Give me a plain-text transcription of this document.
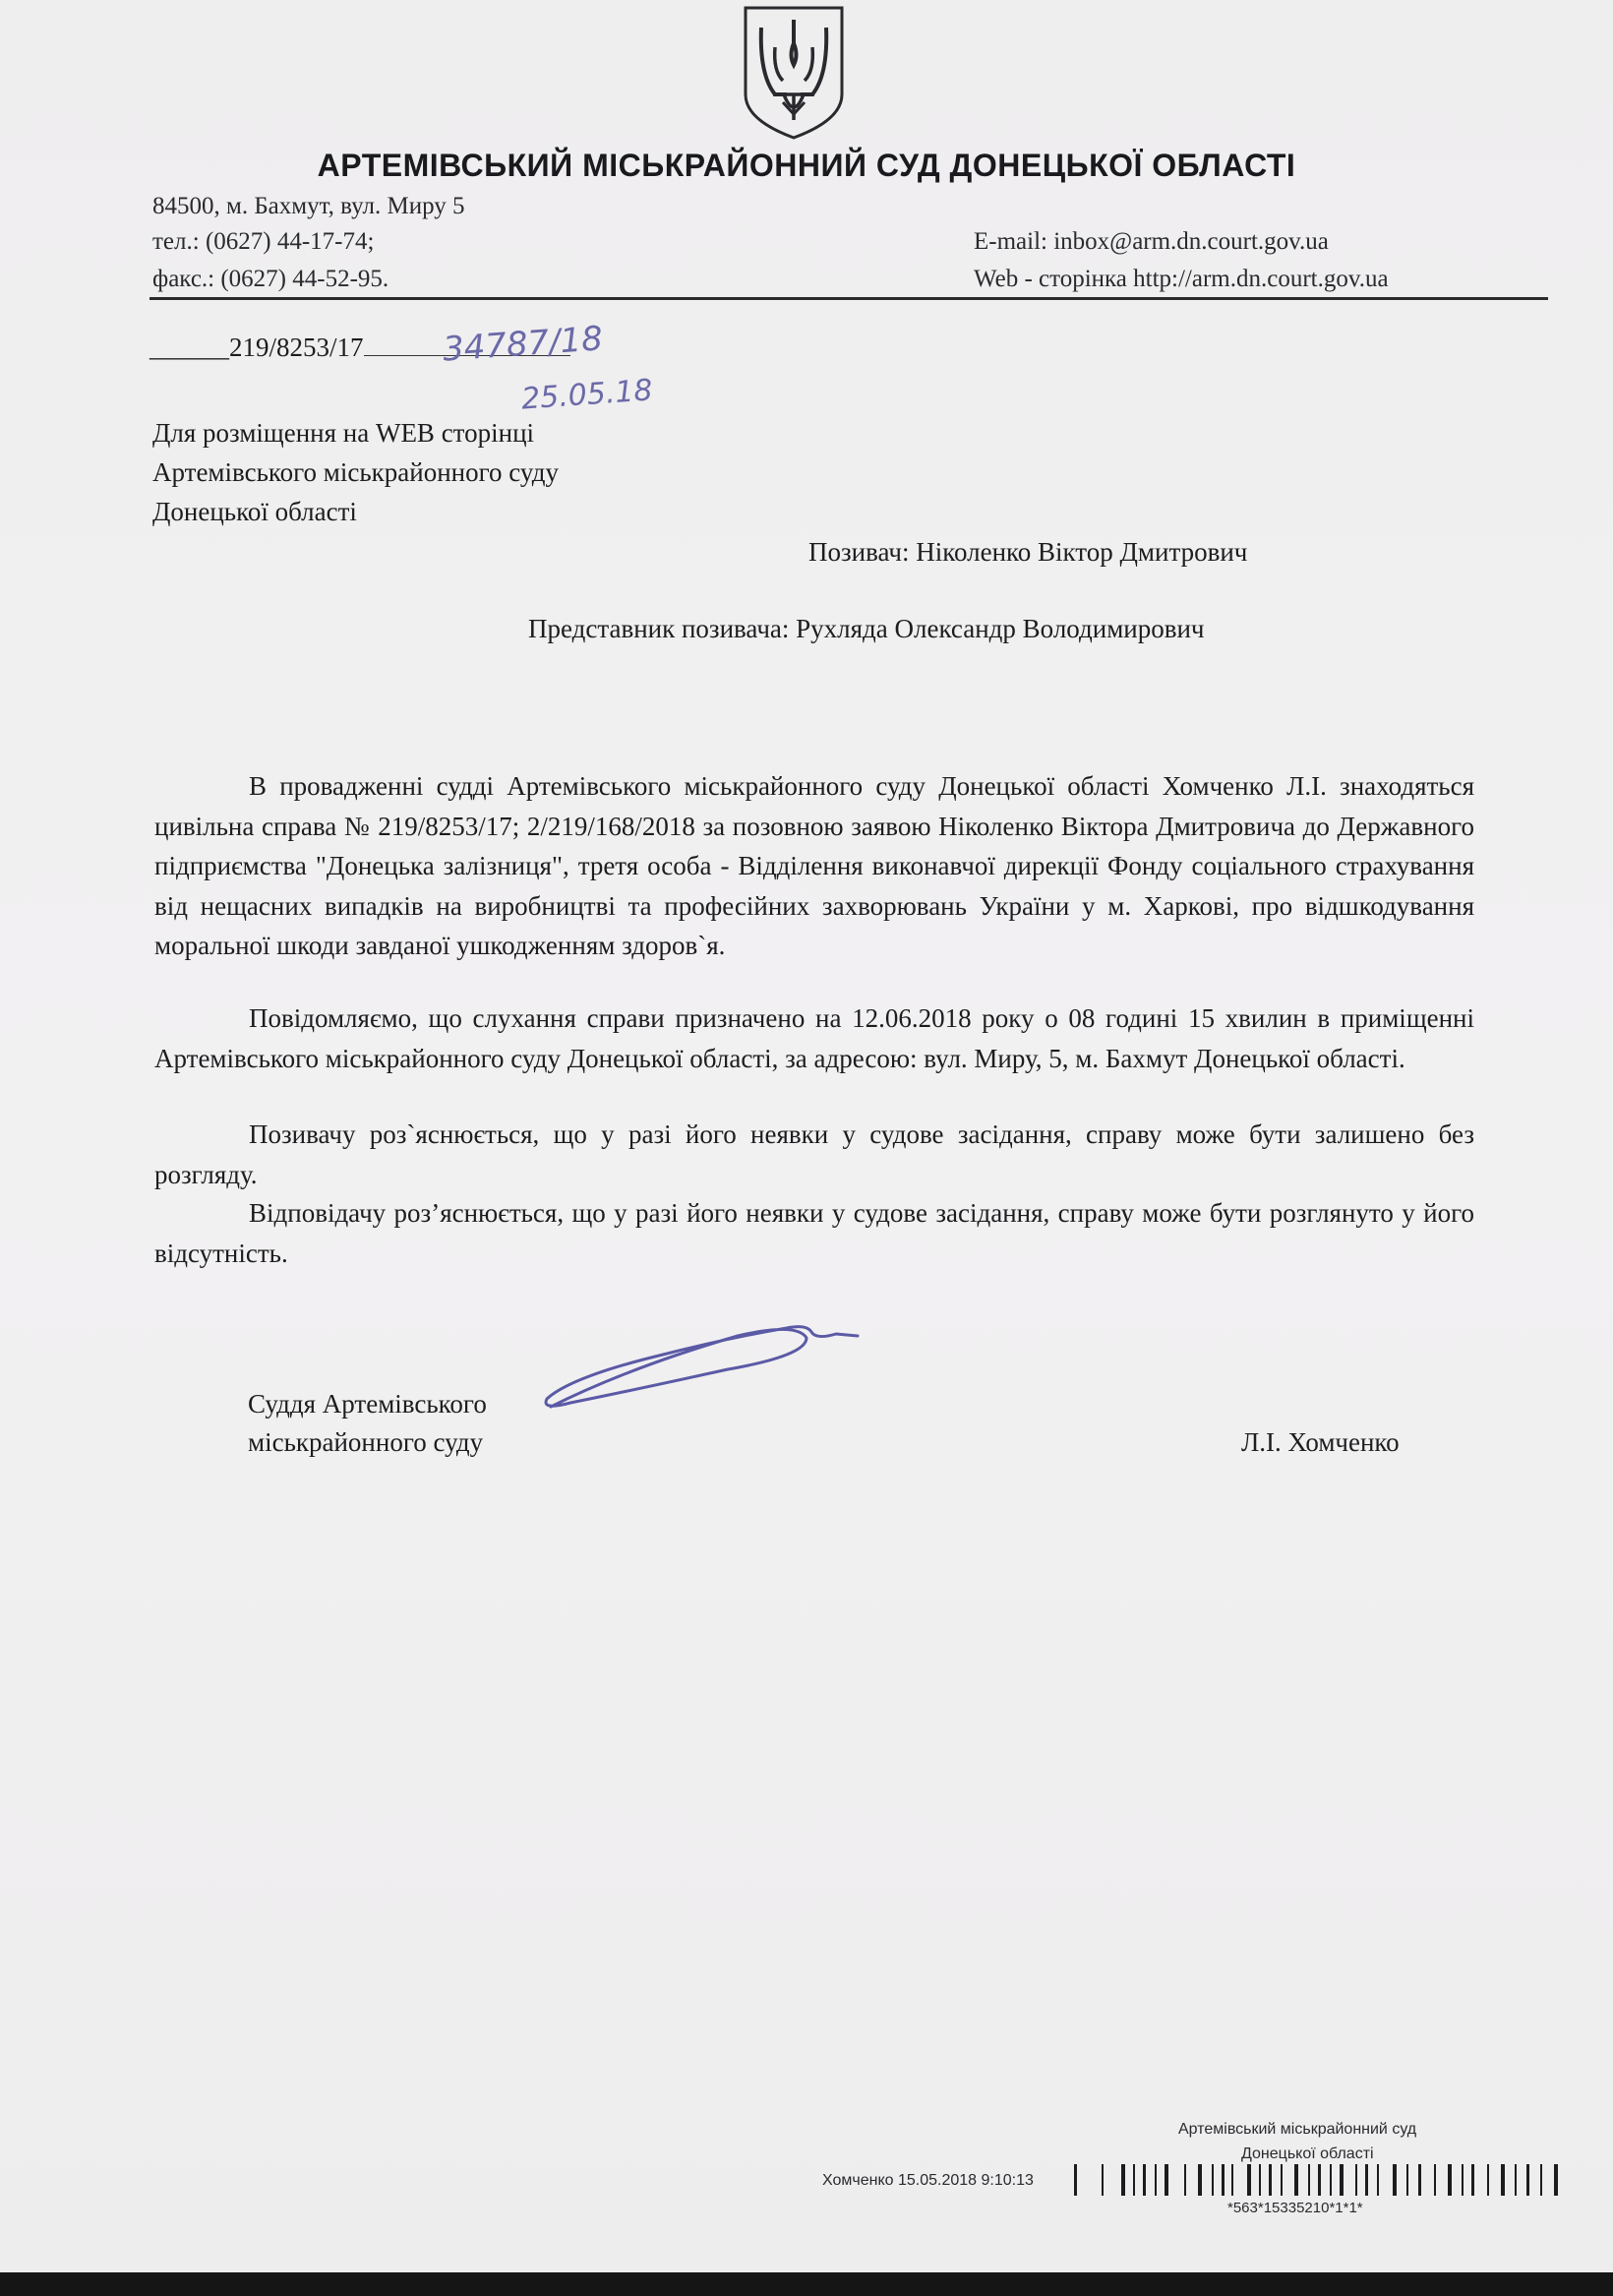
АРТЕМІВСЬКИЙ МІСЬКРАЙОННИЙ СУД ДОНЕЦЬКОЇ ОБЛАСТІ
84500, м. Бахмут, вул. Миру 5
тел.: (0627) 44-17-74;
факс.: (0627) 44-52-95.
E-mail: inbox@arm.dn.court.gov.ua
Web - сторінка http://arm.dn.court.gov.ua
______219/8253/17	34787/18
25.05.18
Для розміщення на WEB сторінці
Артемівського міськрайонного суду
Донецької області
Позивач: Ніколенко Віктор Дмитрович
Представник позивача: Рухляда Олександр Володимирович

В провадженні судді Артемівського міськрайонного суду Донецької області Хомченко Л.І. знаходяться цивільна справа № 219/8253/17; 2/219/168/2018 за позовною заявою Ніколенко Віктора Дмитровича до Державного підприємства "Донецька залізниця", третя особа - Відділення виконавчої дирекції Фонду соціального страхування від нещасних випадків на виробництві та професійних захворювань України у м. Харкові, про відшкодування моральної шкоди завданої ушкодженням здоров`я.

Повідомляємо, що слухання справи призначено на 12.06.2018 року о 08 годині 15 хвилин в приміщенні Артемівського міськрайонного суду Донецької області, за адресою: вул. Миру, 5, м. Бахмут Донецької області.

Позивачу роз`яснюється, що у разі його неявки у судове засідання, справу може бути залишено без розгляду.

Відповідачу роз’яснюється, що у разі його неявки у судове засідання, справу може бути розглянуто у його відсутність.

Суддя Артемівського
міськрайонного суду	Л.І. Хомченко
Артемівський міськрайонний суд
Донецької області
Хомченко 15.05.2018 9:10:13
*563*15335210*1*1*
